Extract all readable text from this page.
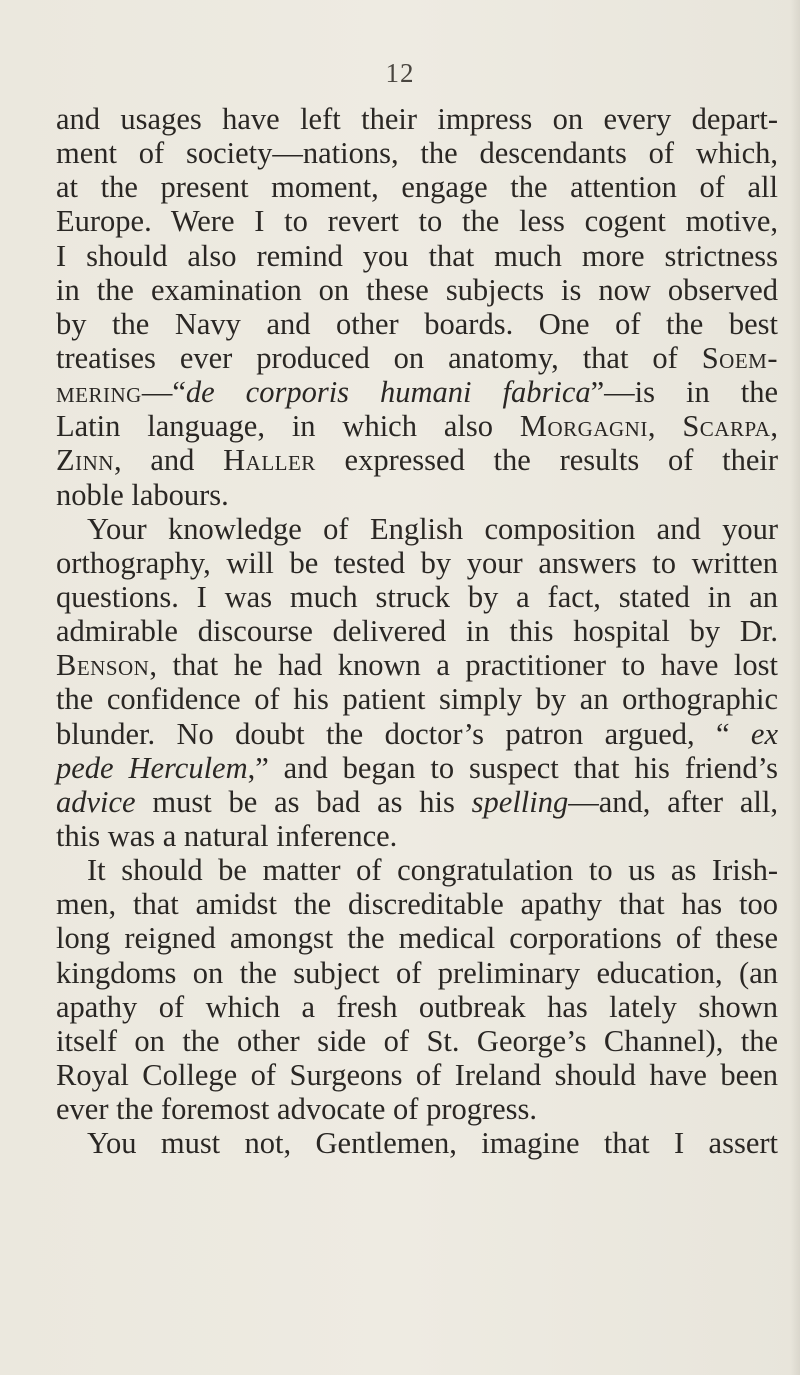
12
and usages have left their impress on every depart-
ment of society—nations, the descendants of which,
at the present moment, engage the attention of all
Europe. Were I to revert to the less cogent motive,
I should also remind you that much more strictness
in the examination on these subjects is now observed
by the Navy and other boards. One of the best
treatises ever produced on anatomy, that of Soem-
mering—“de corporis humani fabrica”—is in the
Latin language, in which also Morgagni, Scarpa,
Zinn, and Haller expressed the results of their
noble labours.
Your knowledge of English composition and your
orthography, will be tested by your answers to written
questions. I was much struck by a fact, stated in an
admirable discourse delivered in this hospital by Dr.
Benson, that he had known a practitioner to have lost
the confidence of his patient simply by an orthographic
blunder. No doubt the doctor’s patron argued, “ ex
pede Herculem,” and began to suspect that his friend’s
advice must be as bad as his spelling—and, after all,
this was a natural inference.
It should be matter of congratulation to us as Irish-
men, that amidst the discreditable apathy that has too
long reigned amongst the medical corporations of these
kingdoms on the subject of preliminary education, (an
apathy of which a fresh outbreak has lately shown
itself on the other side of St. George’s Channel), the
Royal College of Surgeons of Ireland should have been
ever the foremost advocate of progress.
You must not, Gentlemen, imagine that I assert
